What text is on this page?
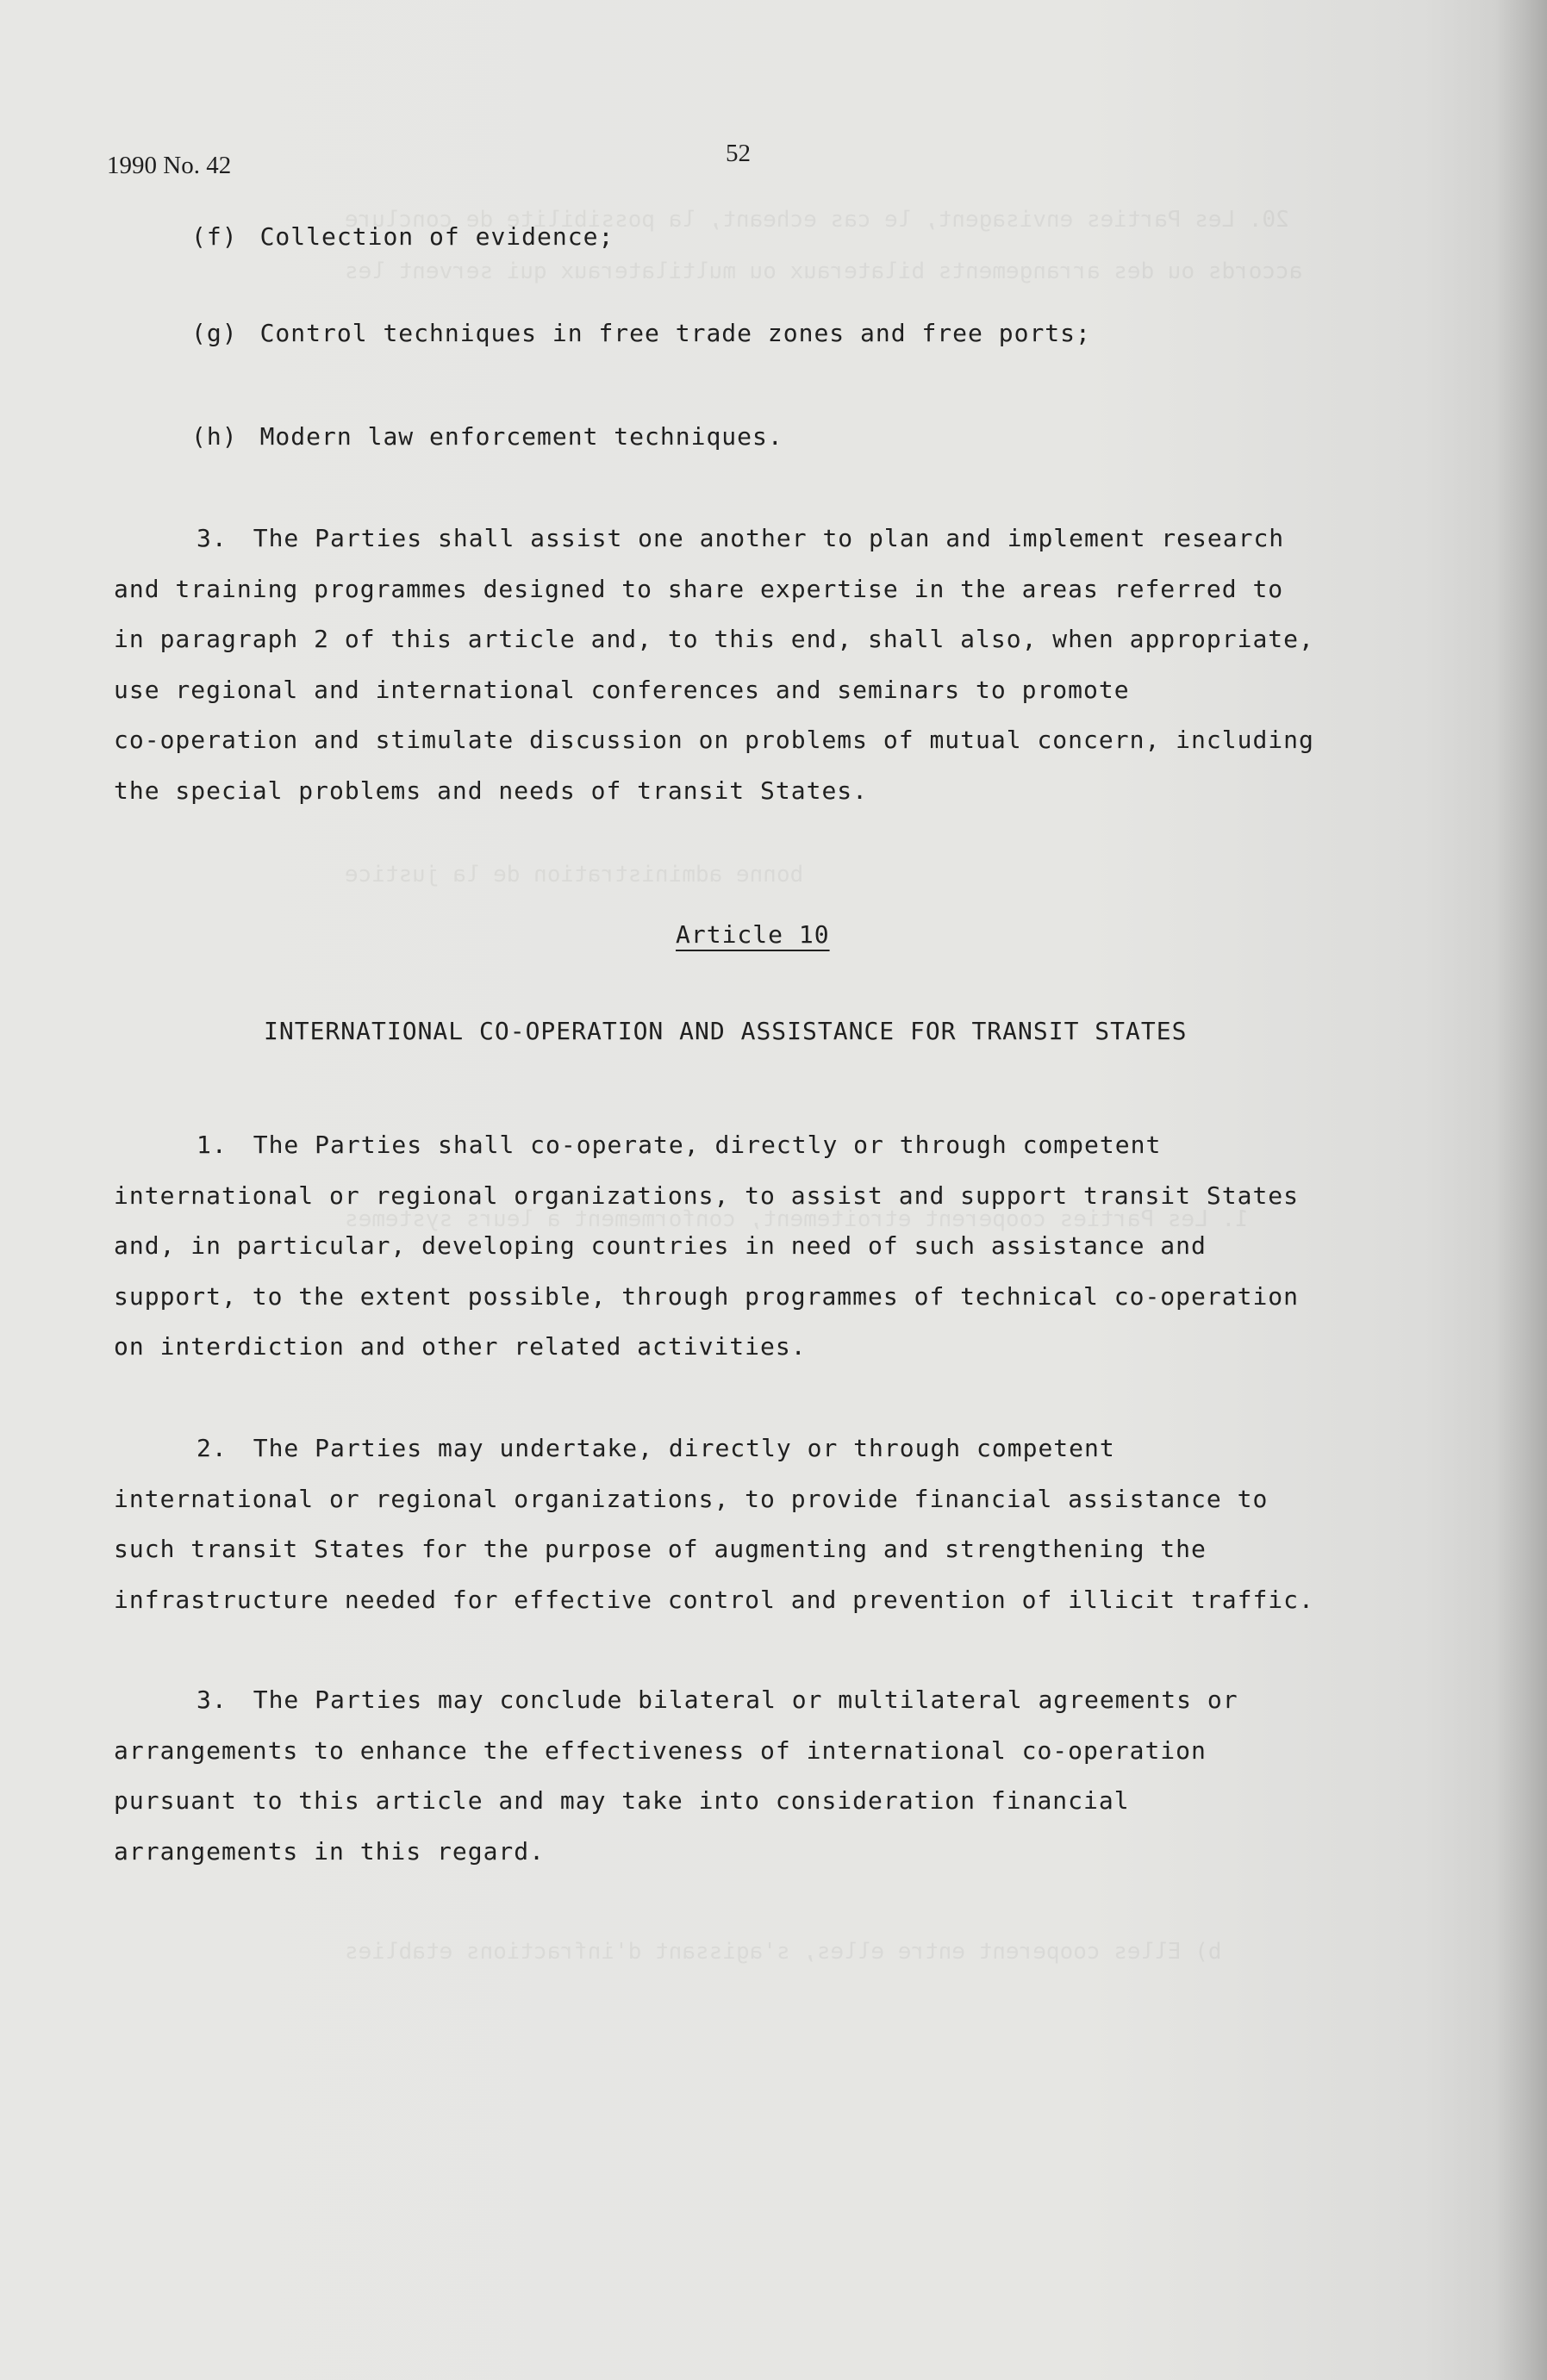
20. Les Parties envisagent, le cas echeant, la possibilite de conclure
accords ou des arrangements bilateraux ou multilateraux qui servent les
bonne administration de la justice
1. Les Parties cooperent etroitement, conformement a leurs systemes
b) Elles cooperent entre elles, s'agissant d'infractions etablies
1990 No. 42	52
(f) Collection of evidence;
(g) Control techniques in free trade zones and free ports;
(h) Modern law enforcement techniques.
3. The Parties shall assist one another to plan and implement research
and training programmes designed to share expertise in the areas referred to
in paragraph 2 of this article and, to this end, shall also, when appropriate,
use regional and international conferences and seminars to promote
co-operation and stimulate discussion on problems of mutual concern, including
the special problems and needs of transit States.
Article 10
INTERNATIONAL CO-OPERATION AND ASSISTANCE FOR TRANSIT STATES
1. The Parties shall co-operate, directly or through competent
international or regional organizations, to assist and support transit States
and, in particular, developing countries in need of such assistance and
support, to the extent possible, through programmes of technical co-operation
on interdiction and other related activities.
2. The Parties may undertake, directly or through competent
international or regional organizations, to provide financial assistance to
such transit States for the purpose of augmenting and strengthening the
infrastructure needed for effective control and prevention of illicit traffic.
3. The Parties may conclude bilateral or multilateral agreements or
arrangements to enhance the effectiveness of international co-operation
pursuant to this article and may take into consideration financial
arrangements in this regard.
